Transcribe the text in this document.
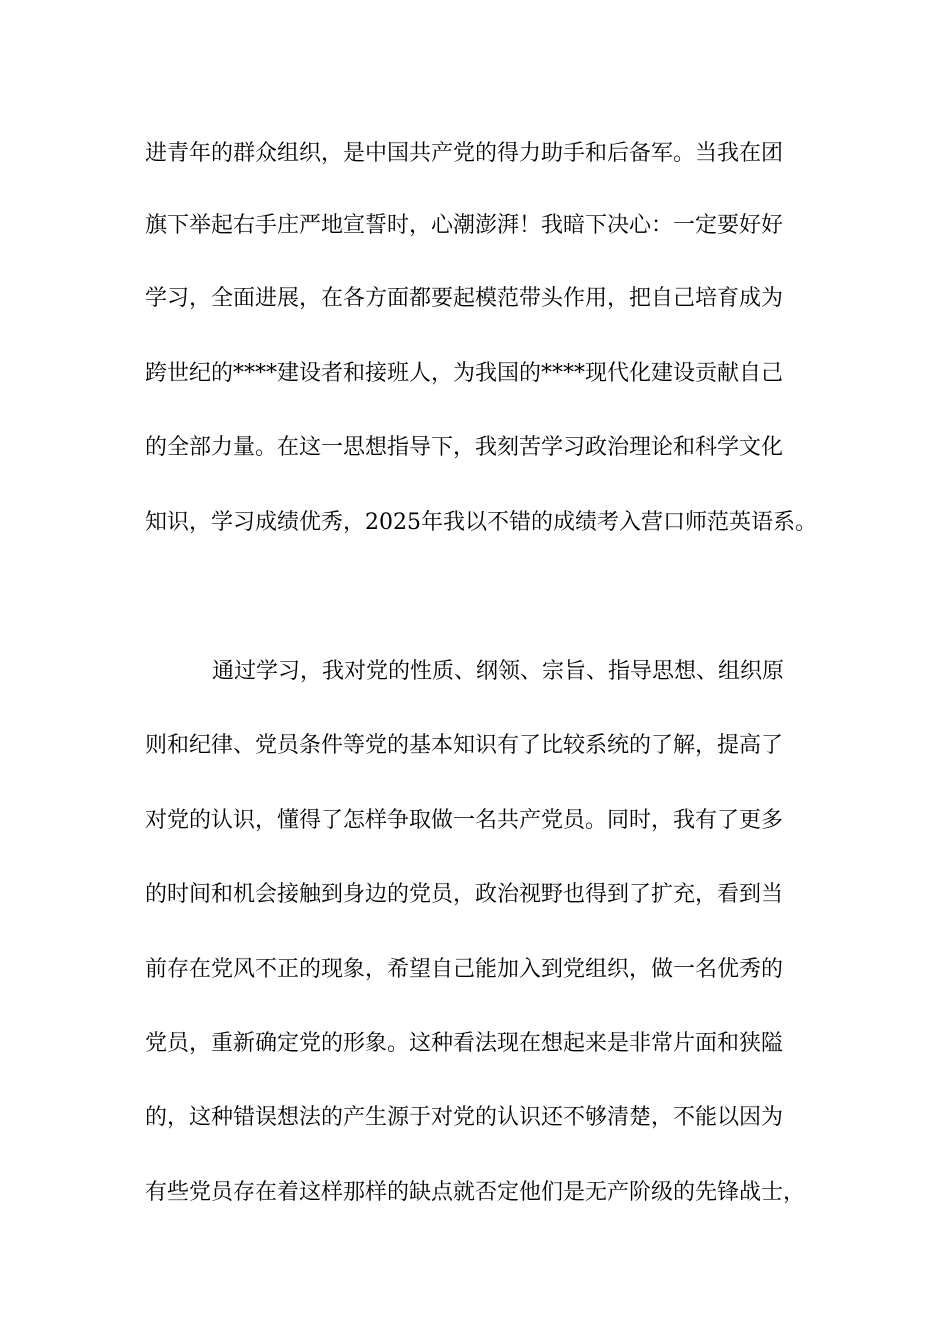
进青年的群众组织，是中国共产党的得力助手和后备军。当我在团
旗下举起右手庄严地宣誓时，心潮澎湃！我暗下决心：一定要好好
学习，全面进展，在各方面都要起模范带头作用，把自己培育成为
跨世纪的****建设者和接班人，为我国的****现代化建设贡献自己
的全部力量。在这一思想指导下，我刻苦学习政治理论和科学文化
知识，学习成绩优秀，2025年我以不错的成绩考入营口师范英语系。
通过学习，我对党的性质、纲领、宗旨、指导思想、组织原
则和纪律、党员条件等党的基本知识有了比较系统的了解，提高了
对党的认识，懂得了怎样争取做一名共产党员。同时，我有了更多
的时间和机会接触到身边的党员，政治视野也得到了扩充，看到当
前存在党风不正的现象，希望自己能加入到党组织，做一名优秀的
党员，重新确定党的形象。这种看法现在想起来是非常片面和狭隘
的，这种错误想法的产生源于对党的认识还不够清楚，不能以因为
有些党员存在着这样那样的缺点就否定他们是无产阶级的先锋战士，
